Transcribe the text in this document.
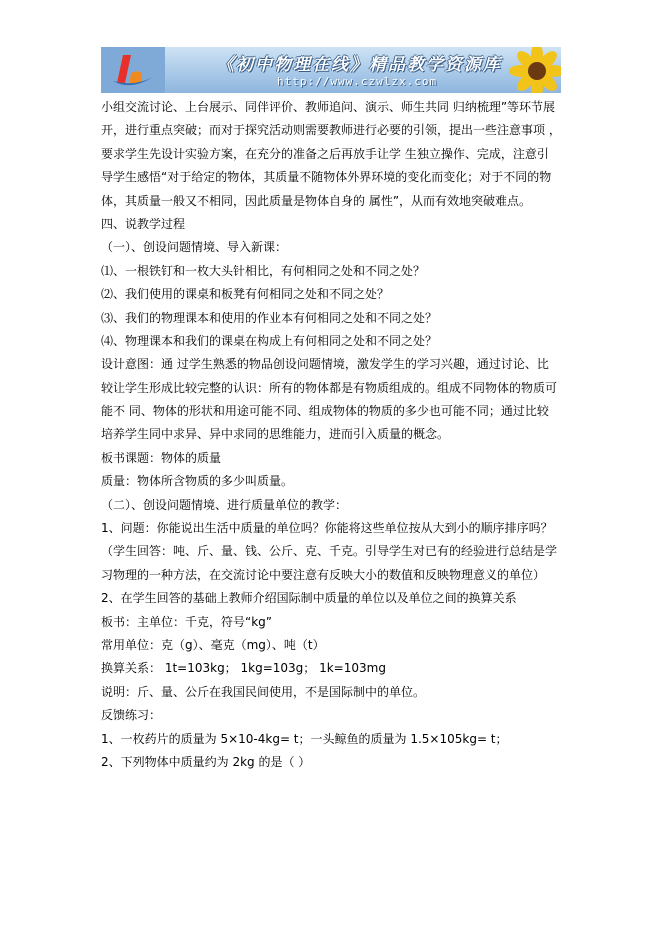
《初中物理在线》精品教学资源库
http://www.czwlzx.com
小组交流讨论、上台展示、同伴评价、教师追问、演示、师生共同 归纳梳理”等环节展
开，进行重点突破；而对于探究活动则需要教师进行必要的引领，提出一些注意事项 ，
要求学生先设计实验方案，在充分的准备之后再放手让学 生独立操作、完成，注意引
导学生感悟“对于给定的物体，其质量不随物体外界环境的变化而变化；对于不同的物
体，其质量一般又不相同，因此质量是物体自身的 属性”，从而有效地突破难点。
四、说教学过程
（一）、创设问题情境、导入新课：
⑴、一根铁钉和一枚大头针相比，有何相同之处和不同之处？
⑵、我们使用的课桌和板凳有何相同之处和不同之处？
⑶、我们的物理课本和使用的作业本有何相同之处和不同之处？
⑷、物理课本和我们的课桌在构成上有何相同之处和不同之处？
设计意图：通 过学生熟悉的物品创设问题情境，激发学生的学习兴趣，通过讨论、比
较让学生形成比较完整的认识：所有的物体都是有物质组成的。组成不同物体的物质可
能不 同、物体的形状和用途可能不同、组成物体的物质的多少也可能不同；通过比较
培养学生同中求异、异中求同的思维能力，进而引入质量的概念。
板书课题：物体的质量
质量：物体所含物质的多少叫质量。
（二）、创设问题情境、进行质量单位的教学：
1、问题：你能说出生活中质量的单位吗？你能将这些单位按从大到小的顺序排序吗？
（学生回答：吨、斤、量、钱、公斤、克、千克。引导学生对已有的经验进行总结是学
习物理的一种方法，在交流讨论中要注意有反映大小的数值和反映物理意义的单位）
2、在学生回答的基础上教师介绍国际制中质量的单位以及单位之间的换算关系
板书：主单位：千克，符号“kg”
常用单位：克（g）、毫克（mg）、吨（t）
换算关系： 1t=103kg； 1kg=103g； 1k=103mg
说明：斤、量、公斤在我国民间使用，不是国际制中的单位。
反馈练习：
1、一枚药片的质量为 5×10-4kg= t；一头鲸鱼的质量为 1.5×105kg= t；
2、下列物体中质量约为 2kg 的是（ ）
